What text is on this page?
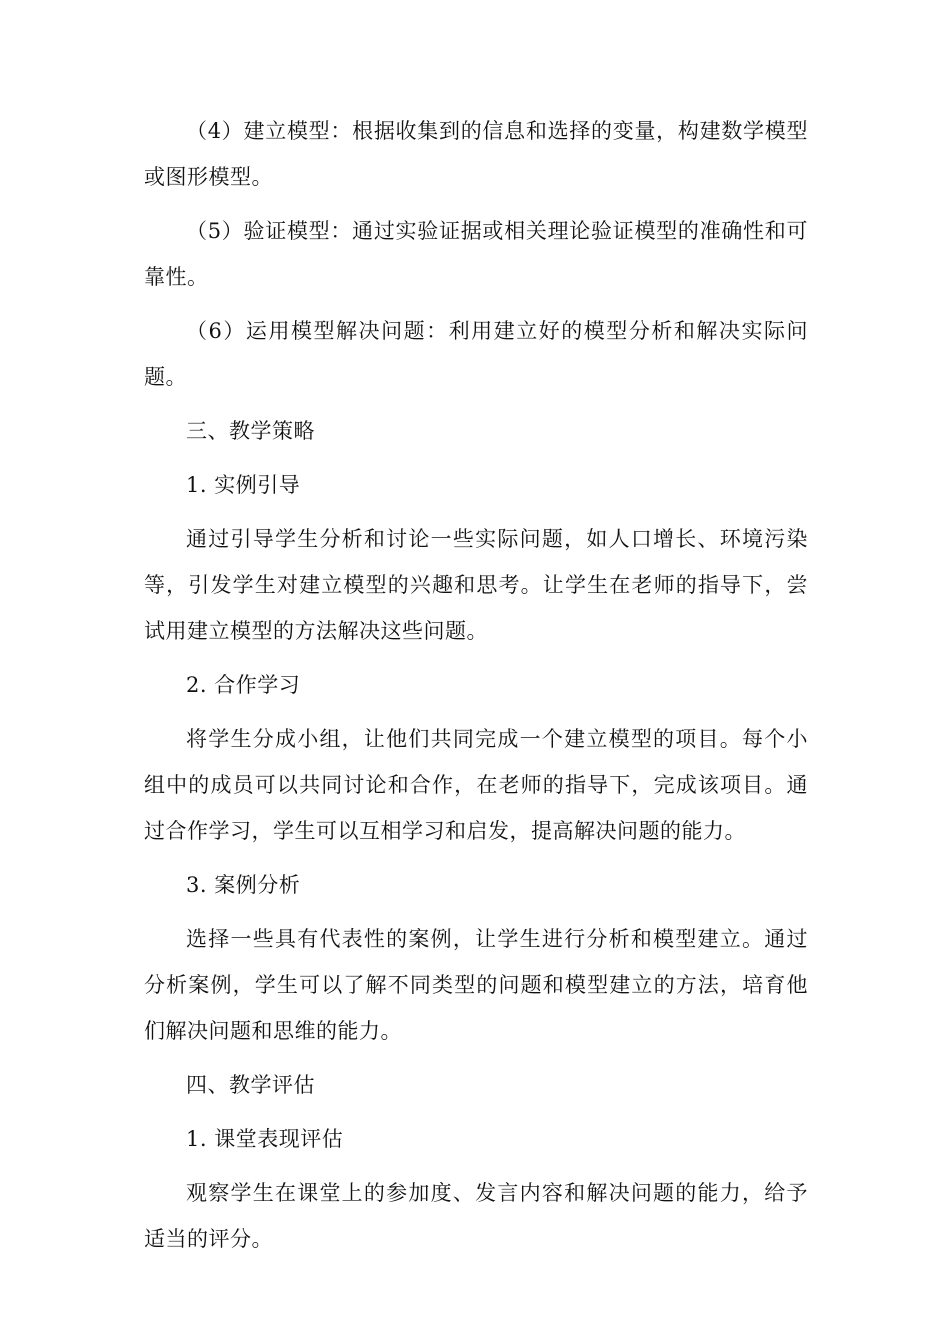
（4）建立模型：根据收集到的信息和选择的变量，构建数学模型或图形模型。

（5）验证模型：通过实验证据或相关理论验证模型的准确性和可靠性。

（6）运用模型解决问题：利用建立好的模型分析和解决实际问题。

三、教学策略

1. 实例引导

通过引导学生分析和讨论一些实际问题，如人口增长、环境污染等，引发学生对建立模型的兴趣和思考。让学生在老师的指导下，尝试用建立模型的方法解决这些问题。

2. 合作学习

将学生分成小组，让他们共同完成一个建立模型的项目。每个小组中的成员可以共同讨论和合作，在老师的指导下，完成该项目。通过合作学习，学生可以互相学习和启发，提高解决问题的能力。

3. 案例分析

选择一些具有代表性的案例，让学生进行分析和模型建立。通过分析案例，学生可以了解不同类型的问题和模型建立的方法，培育他们解决问题和思维的能力。

四、教学评估

1. 课堂表现评估

观察学生在课堂上的参加度、发言内容和解决问题的能力，给予适当的评分。
